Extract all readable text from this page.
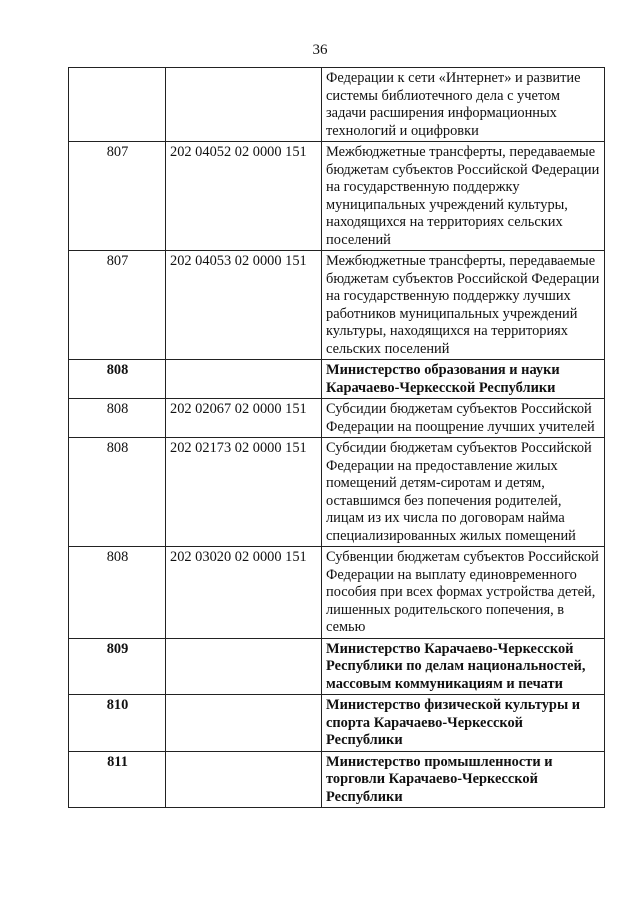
36
		Федерации к сети «Интернет» и развитие системы библиотечного дела с учетом задачи расширения информационных технологий и оцифровки
807	202 04052 02 0000 151	Межбюджетные трансферты, передаваемые бюджетам субъектов Российской Федерации на государственную поддержку муниципальных учреждений культуры, находящихся на территориях сельских поселений
807	202 04053 02 0000 151	Межбюджетные трансферты, передаваемые бюджетам субъектов Российской Федерации на государственную поддержку лучших работников муниципальных учреждений культуры, находящихся на территориях сельских поселений
808		Министерство образования и науки Карачаево-Черкесской Республики
808	202 02067 02 0000 151	Субсидии бюджетам субъектов Российской Федерации на поощрение лучших учителей
808	202 02173 02 0000 151	Субсидии бюджетам субъектов Российской Федерации на предоставление жилых помещений детям-сиротам и детям, оставшимся без попечения родителей, лицам из их числа по договорам найма специализированных жилых помещений
808	202 03020 02 0000 151	Субвенции бюджетам субъектов Российской Федерации на выплату единовременного пособия при всех формах устройства детей, лишенных родительского попечения, в семью
809		Министерство Карачаево-Черкесской Республики по делам национальностей, массовым коммуникациям и печати
810		Министерство физической культуры и спорта Карачаево-Черкесской Республики
811		Министерство промышленности и торговли Карачаево-Черкесской Республики
